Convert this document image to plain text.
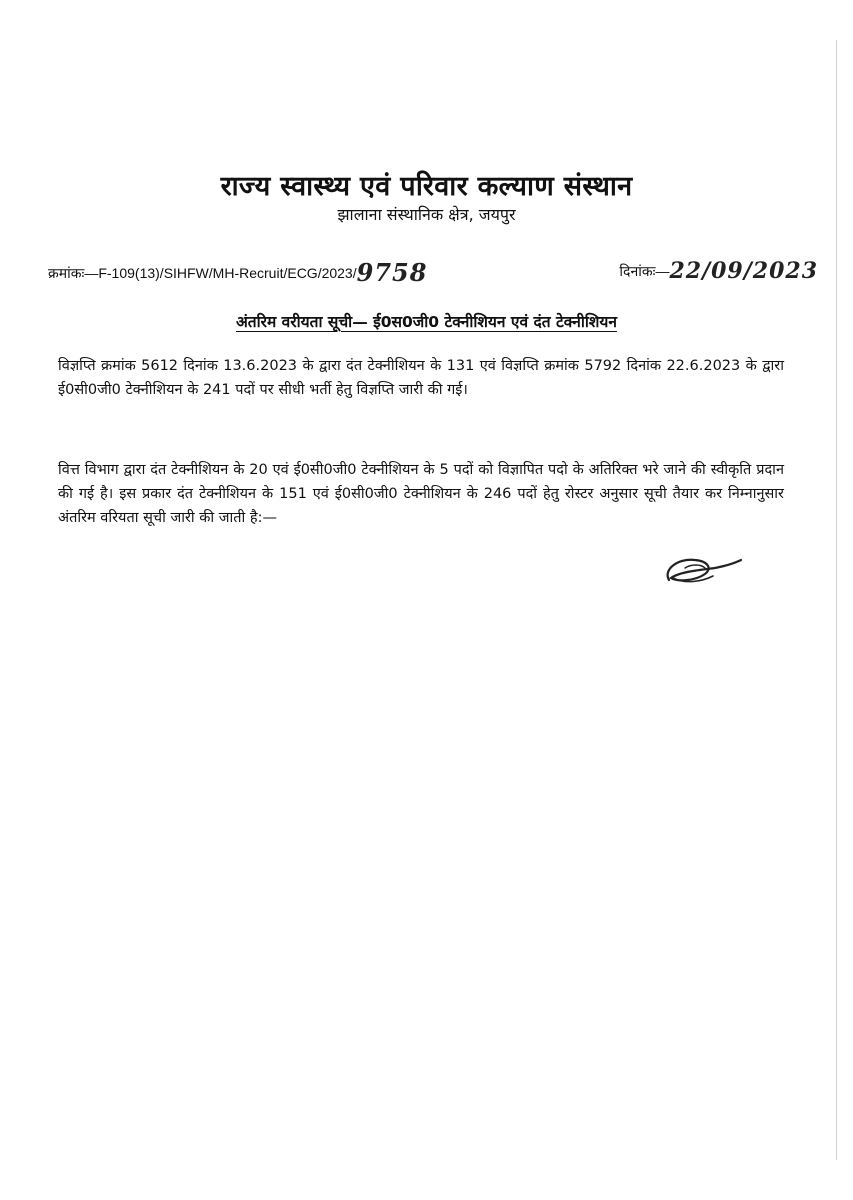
राज्य स्वास्थ्य एवं परिवार कल्याण संस्थान
झालाना संस्थानिक क्षेत्र, जयपुर
क्रमांकः—F-109(13)/SIHFW/MH-Recruit/ECG/2023/9758	दिनांकः—22/09/2023
अंतरिम वरीयता सूची— ई0स0जी0 टेक्नीशियन एवं दंत टेक्नीशियन
विज्ञप्ति क्रमांक 5612 दिनांक 13.6.2023 के द्वारा दंत टेक्नीशियन के 131 एवं विज्ञप्ति क्रमांक 5792 दिनांक 22.6.2023 के द्वारा ई0सी0जी0 टेक्नीशियन के 241 पदों पर सीधी भर्ती हेतु विज्ञप्ति जारी की गई।
वित्त विभाग द्वारा दंत टेक्नीशियन के 20 एवं ई0सी0जी0 टेक्नीशियन के 5 पदों को विज्ञापित पदो के अतिरिक्त भरे जाने की स्वीकृति प्रदान की गई है। इस प्रकार दंत टेक्नीशियन के 151 एवं ई0सी0जी0 टेक्नीशियन के 246 पदों हेतु रोस्टर अनुसार सूची तैयार कर निम्नानुसार अंतरिम वरियता सूची जारी की जाती है:—
